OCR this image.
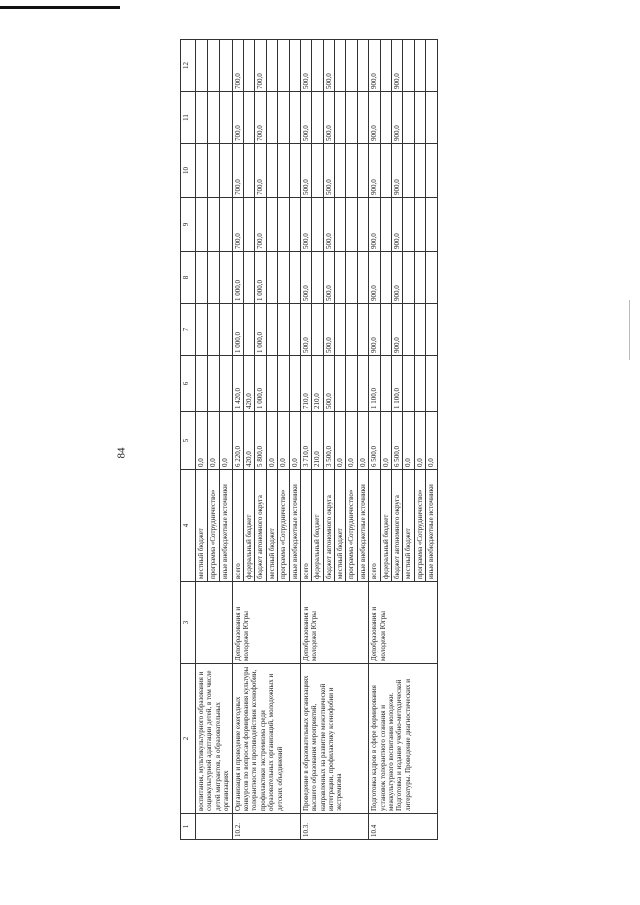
84
1	2	3	4	5	6	7	8	9	10	11	12
	воспитания, мультикультурного образования и социокультурной адаптации детей, в том числе детей мигрантов, в образовательных организациях		местный бюджет	0,0							
			программа «Сотрудничество»	0,0							
			иные внебюджетные источники	0,0							
10.2.	Организация и проведение ежегодных конкурсов по вопросам формирования культуры толерантности и противодействия ксенофобии, профилактики экстремизма среди образовательных организаций, молодежных и детских объединений	Депобразования и молодежи Югры	всего	6 220,0	1 420,0	1 000,0	1 000,0	700,0	700,0	700,0	700,0
			федеральный бюджет	420,0	420,0						
			бюджет автономного округа	5 800,0	1 000,0	1 000,0	1 000,0	700,0	700,0	700,0	700,0
			местный бюджет	0,0							
			программа «Сотрудничество»	0,0							
			иные внебюджетные источники	0,0							
10.3.	Проведение в образовательных организациях высшего образования мероприятий, направленных на развитие межэтнической интеграции, профилактику ксенофобии и экстремизма	Депобразования и молодежи Югры	всего	3 710,0	710,0	500,0	500,0	500,0	500,0	500,0	500,0
			федеральный бюджет	210,0	210,0						
			бюджет автономного округа	3 500,0	500,0	500,0	500,0	500,0	500,0	500,0	500,0
			местный бюджет	0,0							
			программа «Сотрудничество»	0,0							
			иные внебюджетные источники	0,0							
10.4	Подготовка кадров в сфере формирования установок толерантного сознания и межкультурного воспитания молодежи. Подготовка и издание учебно-методической литературы. Проведение диагностических и	Депобразования и молодежи Югры	всего	6 500,0	1 100,0	900,0	900,0	900,0	900,0	900,0	900,0
			федеральный бюджет	0,0							
			бюджет автономного округа	6 500,0	1 100,0	900,0	900,0	900,0	900,0	900,0	900,0
			местный бюджет	0,0							
			программа «Сотрудничество»	0,0							
			иные внебюджетные источники	0,0							
